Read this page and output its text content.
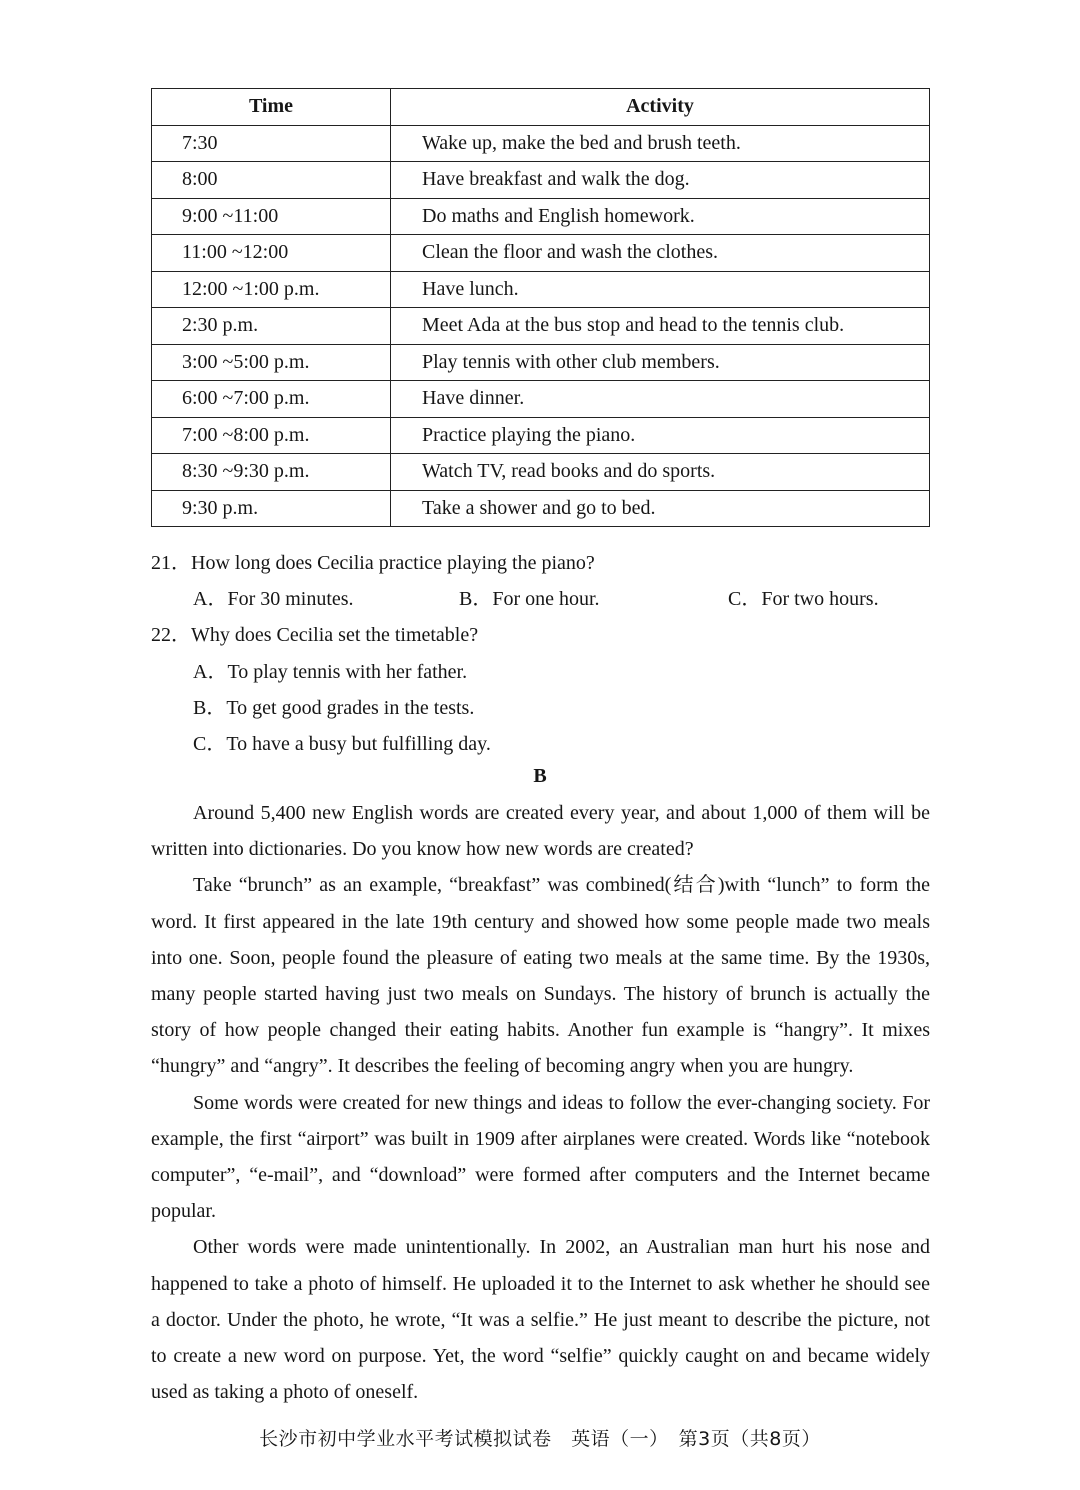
Time	Activity
7:30	Wake up, make the bed and brush teeth.
8:00	Have breakfast and walk the dog.
9:00 ~11:00	Do maths and English homework.
11:00 ~12:00	Clean the floor and wash the clothes.
12:00 ~1:00 p.m.	Have lunch.
2:30 p.m.	Meet Ada at the bus stop and head to the tennis club.
3:00 ~5:00 p.m.	Play tennis with other club members.
6:00 ~7:00 p.m.	Have dinner.
7:00 ~8:00 p.m.	Practice playing the piano.
8:30 ~9:30 p.m.	Watch TV, read books and do sports.
9:30 p.m.	Take a shower and go to bed.
21．How long does Cecilia practice playing the piano?
A．For 30 minutes.	B．For one hour.	C．For two hours.
22．Why does Cecilia set the timetable?
A．To play tennis with her father.
B．To get good grades in the tests.
C．To have a busy but fulfilling day.
B

Around 5,400 new English words are created every year, and about 1,000 of them will be written into dictionaries. Do you know how new words are created?

Take “brunch” as an example, “breakfast” was combined(结合)with “lunch” to form the word. It first appeared in the late 19th century and showed how some people made two meals into one. Soon, people found the pleasure of eating two meals at the same time. By the 1930s, many people started having just two meals on Sundays. The history of brunch is actually the story of how people changed their eating habits. Another fun example is “hangry”. It mixes “hungry” and “angry”. It describes the feeling of becoming angry when you are hungry.

Some words were created for new things and ideas to follow the ever-changing society. For example, the first “airport” was built in 1909 after airplanes were created. Words like “notebook computer”, “e-mail”, and “download” were formed after computers and the Internet became popular.

Other words were made unintentionally. In 2002, an Australian man hurt his nose and happened to take a photo of himself. He uploaded it to the Internet to ask whether he should see a doctor. Under the photo, he wrote, “It was a selfie.” He just meant to describe the picture, not to create a new word on purpose. Yet, the word “selfie” quickly caught on and became widely used as taking a photo of oneself.

长沙市初中学业水平考试模拟试卷　英语（一）　第3页（共8页）
